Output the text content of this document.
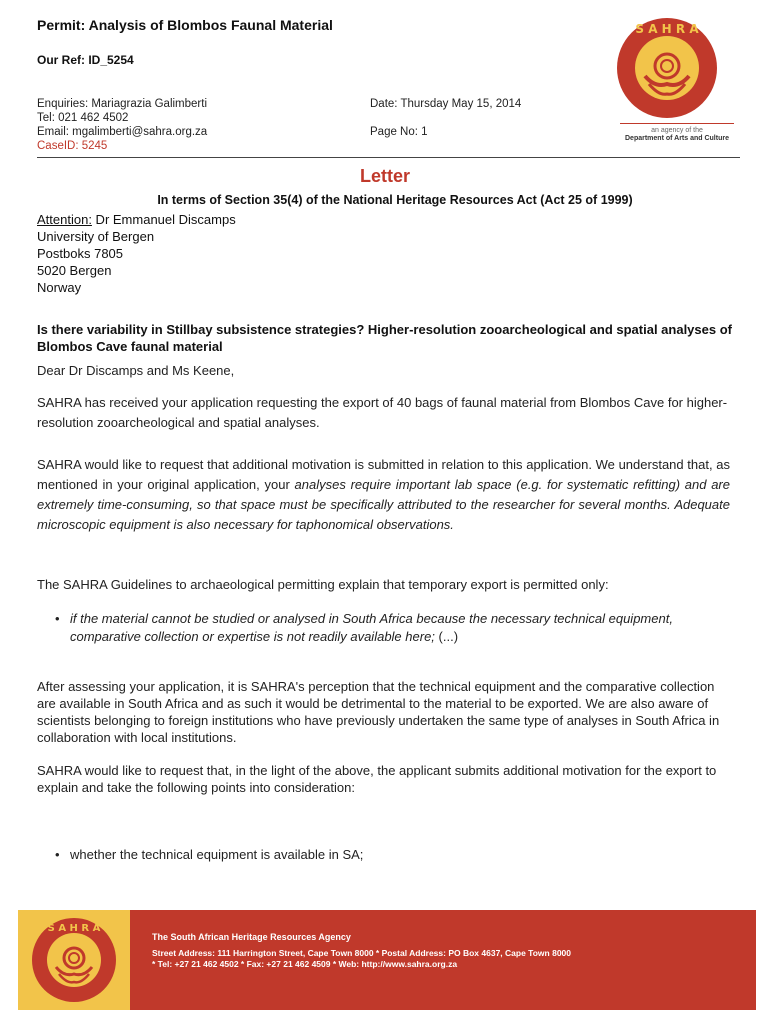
Permit: Analysis of Blombos Faunal Material
Our Ref: ID_5254
Enquiries: Mariagrazia Galimberti
Tel: 021 462 4502
Email: mgalimberti@sahra.org.za
CaseID: 5245
Date: Thursday May 15, 2014
Page No: 1
S A H R A
an agency of the
Department of Arts and Culture
Letter
In terms of Section 35(4) of the National Heritage Resources Act (Act 25 of 1999)
Attention: Dr Emmanuel Discamps
University of Bergen
Postboks 7805
5020 Bergen
Norway
Is there variability in Stillbay subsistence strategies? Higher-resolution zooarcheological and spatial analyses of Blombos Cave faunal material
Dear Dr Discamps and Ms Keene,
SAHRA has received your application requesting the export of 40 bags of faunal material from Blombos Cave for higher-resolution zooarcheological and spatial analyses.
SAHRA would like to request that additional motivation is submitted in relation to this application. We understand that, as mentioned in your original application, your analyses require important lab space (e.g. for systematic refitting) and are extremely time-consuming, so that space must be specifically attributed to the researcher for several months. Adequate microscopic equipment is also necessary for taphonomical observations.
The SAHRA Guidelines to archaeological permitting explain that temporary export is permitted only:
• if the material cannot be studied or analysed in South Africa because the necessary technical equipment, comparative collection or expertise is not readily available here; (...)
After assessing your application, it is SAHRA's perception that the technical equipment and the comparative collection are available in South Africa and as such it would be detrimental to the material to be exported. We are also aware of scientists belonging to foreign institutions who have previously undertaken the same type of analyses in South Africa in collaboration with local institutions.
SAHRA would like to request that, in the light of the above, the applicant submits additional motivation for the export to explain and take the following points into consideration:
• whether the technical equipment is available in SA;
S A H R A
The South African Heritage Resources Agency
Street Address: 111 Harrington Street, Cape Town 8000 * Postal Address: PO Box 4637, Cape Town 8000
* Tel: +27 21 462 4502 * Fax: +27 21 462 4509 * Web: http://www.sahra.org.za
